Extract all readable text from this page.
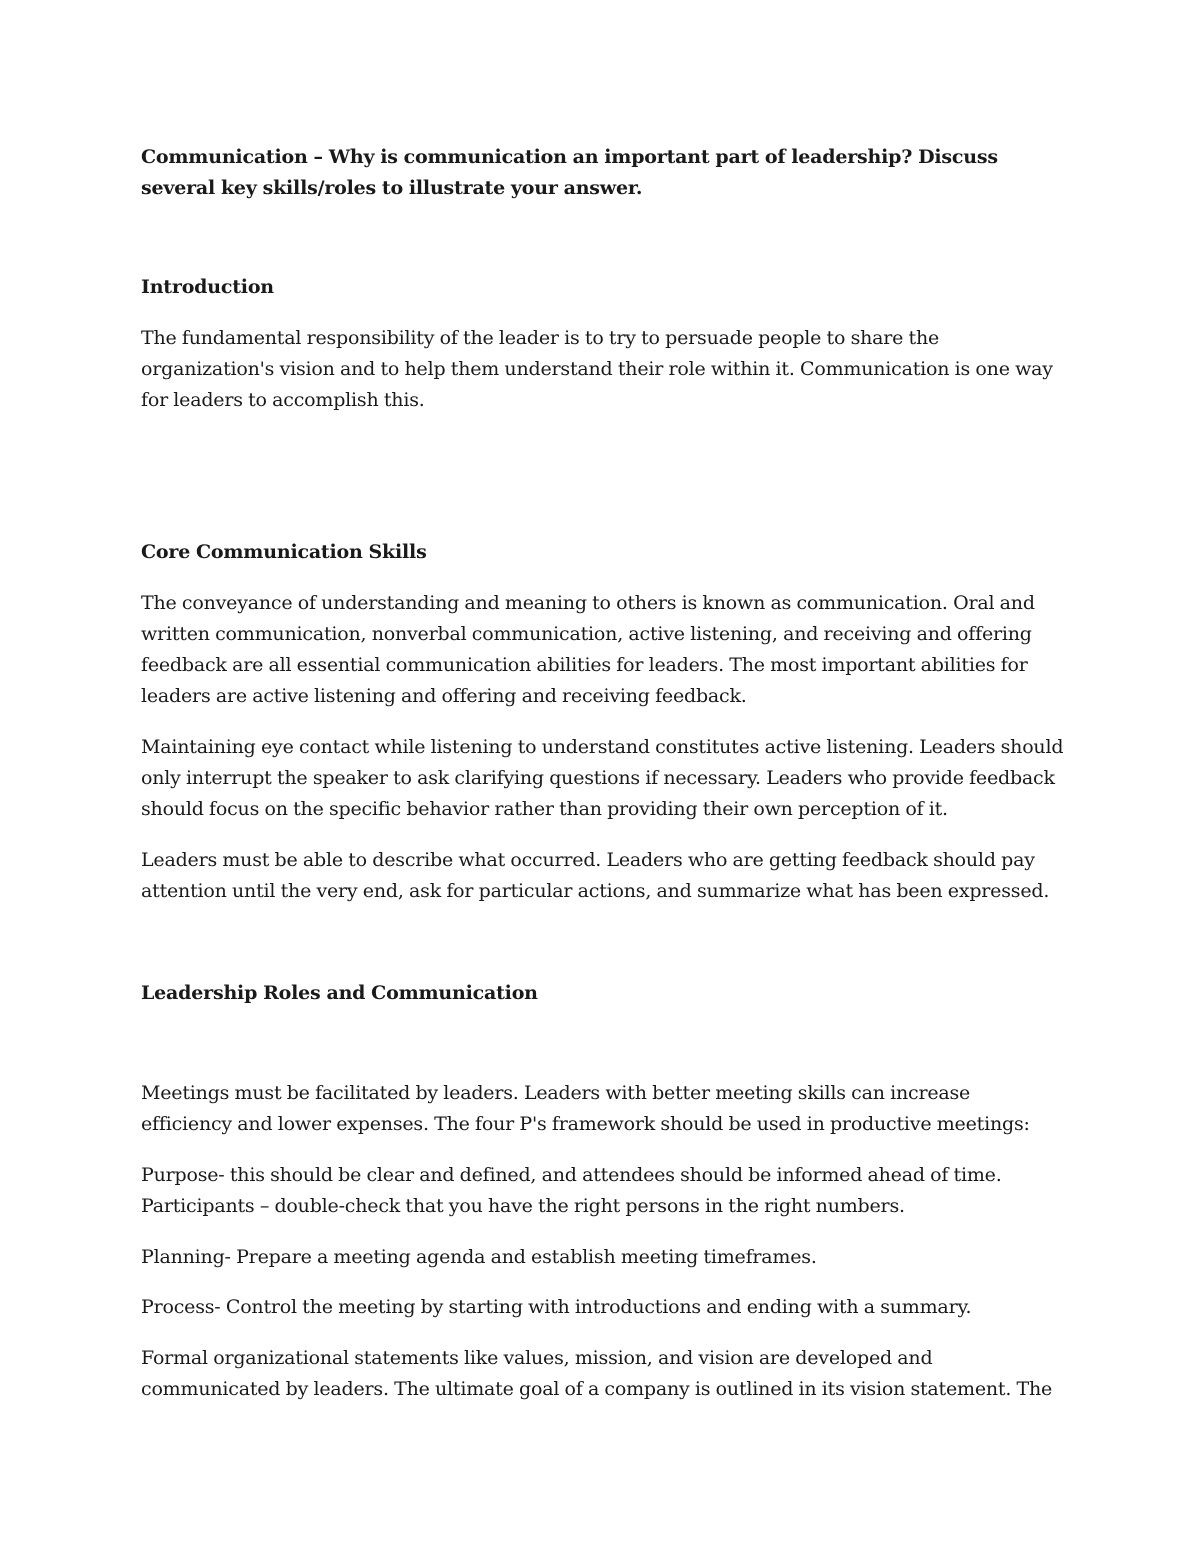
Communication – Why is communication an important part of leadership? Discuss several key skills/roles to illustrate your answer.

Introduction

The fundamental responsibility of the leader is to try to persuade people to share the organization's vision and to help them understand their role within it. Communication is one way for leaders to accomplish this.

Core Communication Skills

The conveyance of understanding and meaning to others is known as communication. Oral and written communication, nonverbal communication, active listening, and receiving and offering feedback are all essential communication abilities for leaders. The most important abilities for leaders are active listening and offering and receiving feedback.

Maintaining eye contact while listening to understand constitutes active listening. Leaders should only interrupt the speaker to ask clarifying questions if necessary. Leaders who provide feedback should focus on the specific behavior rather than providing their own perception of it.

Leaders must be able to describe what occurred. Leaders who are getting feedback should pay attention until the very end, ask for particular actions, and summarize what has been expressed.

Leadership Roles and Communication

Meetings must be facilitated by leaders. Leaders with better meeting skills can increase efficiency and lower expenses. The four P's framework should be used in productive meetings:

Purpose- this should be clear and defined, and attendees should be informed ahead of time.

Participants – double-check that you have the right persons in the right numbers.

Planning- Prepare a meeting agenda and establish meeting timeframes.

Process- Control the meeting by starting with introductions and ending with a summary.

Formal organizational statements like values, mission, and vision are developed and communicated by leaders. The ultimate goal of a company is outlined in its vision statement. The
